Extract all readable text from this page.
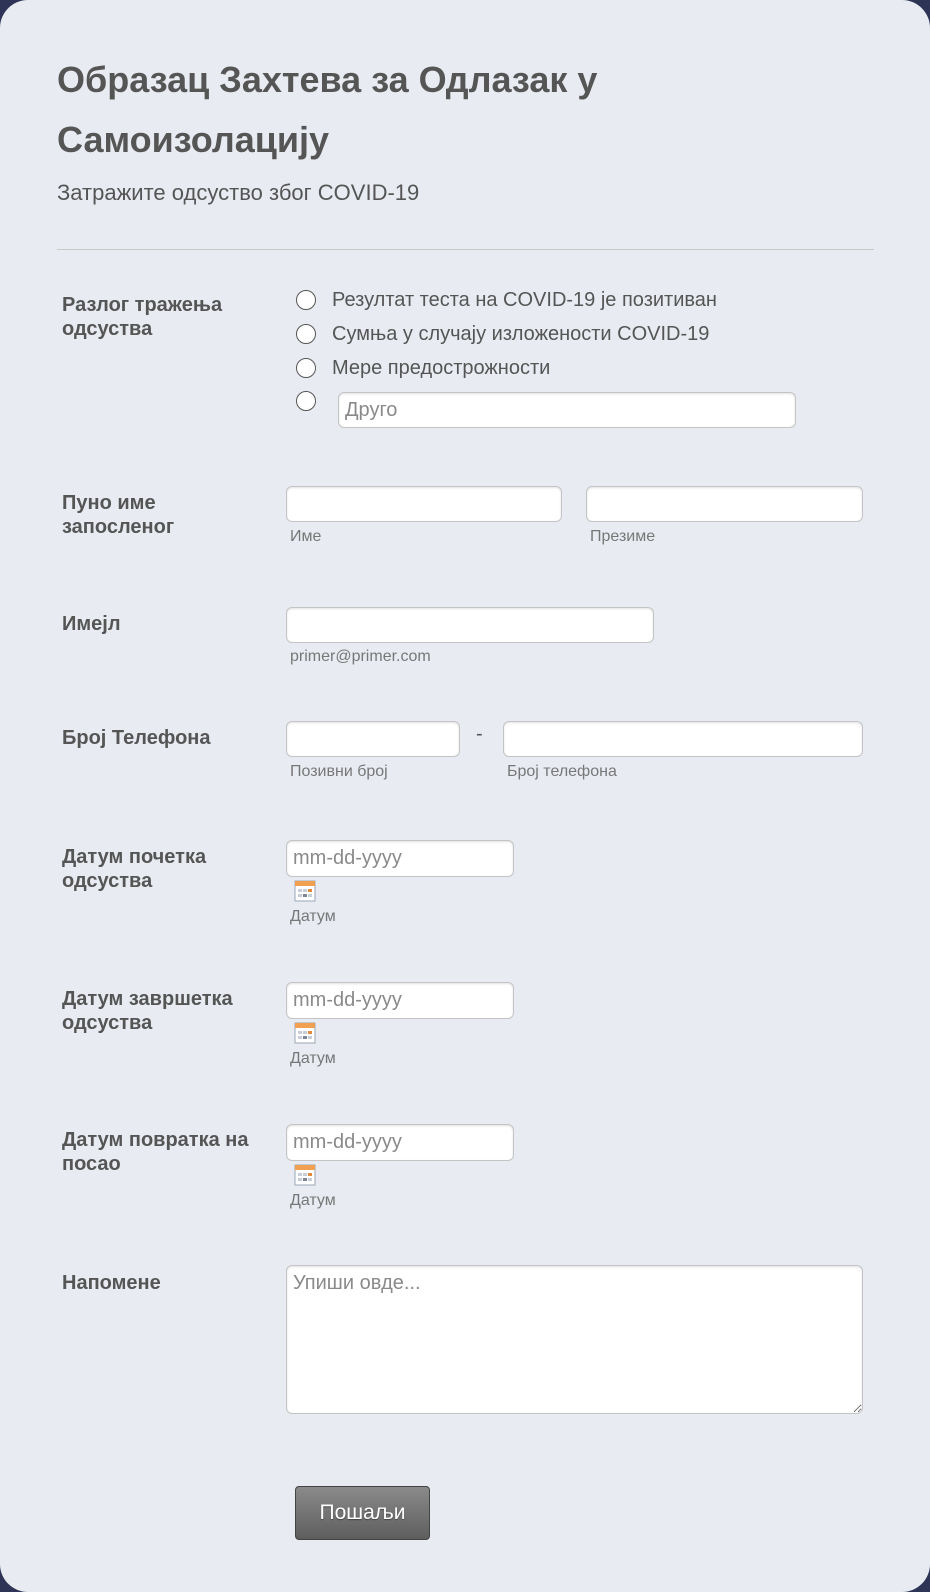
Образац Захтева за Одлазак у Самоизолацију
Затражите одсуство због COVID-19
Разлог тражења одсуства
Резултат теста на COVID-19 је позитиван
Сумња у случају изложености COVID-19
Мере предострожности
Друго
Пуно име запосленог	Име	Презиме
Имејл
primer@primer.com
Број Телефона	-
Позивни број	Број телефона
Датум почетка одсуства
mm-dd-yyyy
Датум
Датум завршетка одсуства
mm-dd-yyyy
Датум
Датум повратка на посао
mm-dd-yyyy
Датум
Напомене
Упиши овде...
Пошаљи
